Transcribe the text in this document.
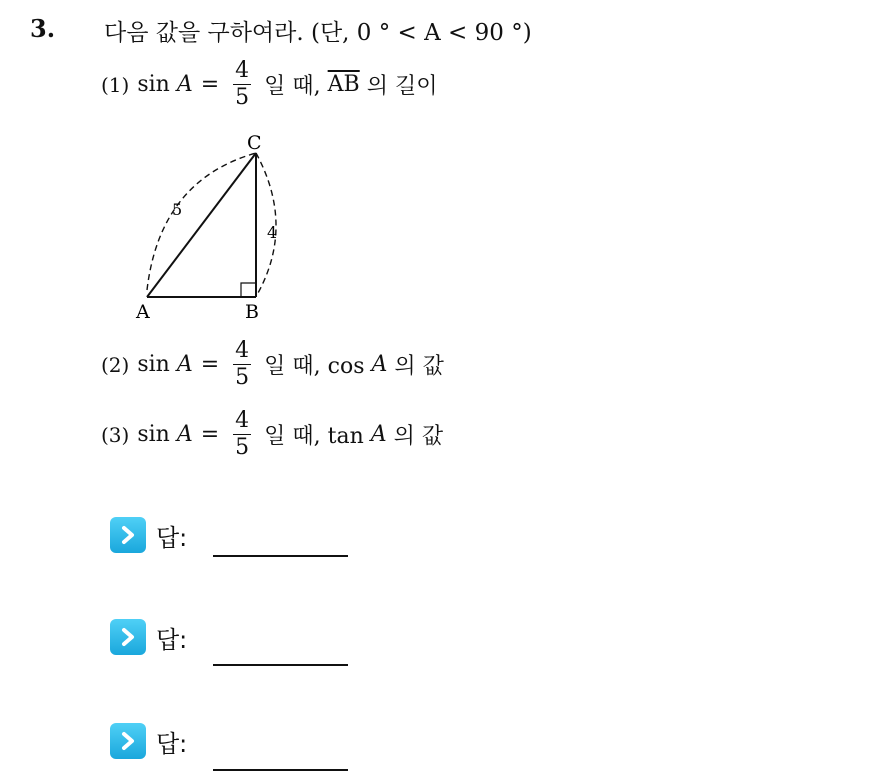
3. 다음 값을 구하여라. (단, 0 ° < A < 90 °)
(1) sin
$A = \frac{4}{5}$ 일 때, $\overline{AB}$ 의 길이
A	B
C
5
4
(2) sin
$A = \frac{4}{5}$ 일 때, cos A 의 값
(3) sin
$A = \frac{4}{5}$ 일 때, tan A 의 값
답:
답:
답:
